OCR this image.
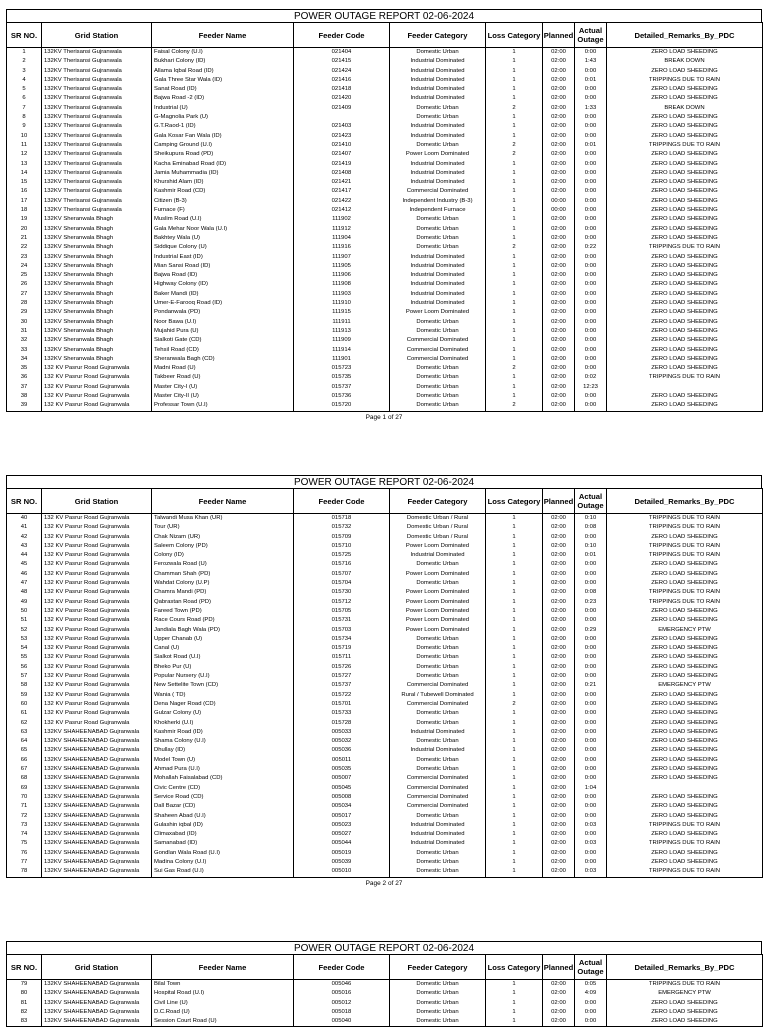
POWER OUTAGE REPORT 02-06-2024
SR NO.	Grid Station	Feeder Name	Feeder Code	Feeder Category	Loss Category	Planned	Actual Outage	Detailed_Remarks_By_PDC
1	132KV Therisansi Gujranwala	Faisal Colony (U.I)	021404	Domestic Urban	1	02:00	0:00	ZERO LOAD SHEEDING
2	132KV Therisansi Gujranwala	Bukhari Colony (ID)	021415	Industrial Dominated	1	02:00	1:43	BREAK DOWN
3	132KV Therisansi Gujranwala	Allama Iqbal Road (ID)	021424	Industrial Dominated	1	02:00	0:00	ZERO LOAD SHEEDING
4	132KV Therisansi Gujranwala	Gala Three Star Wala (ID)	021416	Industrial Dominated	1	02:00	0:01	TRIPPINGS DUE TO RAIN
5	132KV Therisansi Gujranwala	Sanat Road (ID)	021418	Industrial Dominated	1	02:00	0:00	ZERO LOAD SHEEDING
6	132KV Therisansi Gujranwala	Bajwa Road -2 (ID)	021420	Industrial Dominated	1	02:00	0:00	ZERO LOAD SHEEDING
7	132KV Therisansi Gujranwala	Industrial (U)	021409	Domestic Urban	2	02:00	1:33	BREAK DOWN
8	132KV Therisansi Gujranwala	G-Magnolia Park (U)		Domestic Urban	1	02:00	0:00	ZERO LOAD SHEEDING
9	132KV Therisansi Gujranwala	G.T.Raod-1 (ID)	021403	Industrial Dominated	1	02:00	0:00	ZERO LOAD SHEEDING
10	132KV Therisansi Gujranwala	Gala Kosar Fan Wala (ID)	021423	Industrial Dominated	1	02:00	0:00	ZERO LOAD SHEEDING
11	132KV Therisansi Gujranwala	Camping Ground (U.I)	021410	Domestic Urban	2	02:00	0:01	TRIPPINGS DUE TO RAIN
12	132KV Therisansi Gujranwala	Sheikupura Road (PD)	021407	Power Loom Dominated	2	02:00	0:00	ZERO LOAD SHEEDING
13	132KV Therisansi Gujranwala	Kacha Eminabad Road (ID)	021419	Industrial Dominated	1	02:00	0:00	ZERO LOAD SHEEDING
14	132KV Therisansi Gujranwala	Jamia Muhammadia (ID)	021408	Industrial Dominated	1	02:00	0:00	ZERO LOAD SHEEDING
15	132KV Therisansi Gujranwala	Khurshid Alam (ID)	021421	Industrial Dominated	1	02:00	0:00	ZERO LOAD SHEEDING
16	132KV Therisansi Gujranwala	Kashmir Road (CD)	021417	Commercial Dominated	1	02:00	0:00	ZERO LOAD SHEEDING
17	132KV Therisansi Gujranwala	Citizen (B-3)	021422	Independent Industry (B-3)	1	00:00	0:00	ZERO LOAD SHEEDING
18	132KV Therisansi Gujranwala	Furnace (F)	021412	Independent Furnace	1	00:00	0:00	ZERO LOAD SHEEDING
19	132KV Sheranwala Bhagh	Muslim Road (U.I)	111902	Domestic Urban	1	02:00	0:00	ZERO LOAD SHEEDING
20	132KV Sheranwala Bhagh	Gala Mehar Noor Wala (U.I)	111912	Domestic Urban	1	02:00	0:00	ZERO LOAD SHEEDING
21	132KV Sheranwala Bhagh	Bakhtey Wala (U)	111904	Domestic Urban	1	02:00	0:00	ZERO LOAD SHEEDING
22	132KV Sheranwala Bhagh	Siddique Colony (U)	111916	Domestic Urban	2	02:00	0:22	TRIPPINGS DUE TO RAIN
23	132KV Sheranwala Bhagh	Industrial East (ID)	111907	Industrial Dominated	1	02:00	0:00	ZERO LOAD SHEEDING
24	132KV Sheranwala Bhagh	Mian Sansi Road (ID)	111905	Industrial Dominated	1	02:00	0:00	ZERO LOAD SHEEDING
25	132KV Sheranwala Bhagh	Bajwa Road (ID)	111906	Industrial Dominated	1	02:00	0:00	ZERO LOAD SHEEDING
26	132KV Sheranwala Bhagh	Highway Colony (ID)	111908	Industrial Dominated	1	02:00	0:00	ZERO LOAD SHEEDING
27	132KV Sheranwala Bhagh	Baker Mandi (ID)	111903	Industrial Dominated	1	02:00	0:00	ZERO LOAD SHEEDING
28	132KV Sheranwala Bhagh	Umer-E-Farooq Road (ID)	111910	Industrial Dominated	1	02:00	0:00	ZERO LOAD SHEEDING
29	132KV Sheranwala Bhagh	Pondanwala (PD)	111915	Power Loom Dominated	1	02:00	0:00	ZERO LOAD SHEEDING
30	132KV Sheranwala Bhagh	Noor Bawa (U.I)	111911	Domestic Urban	1	02:00	0:00	ZERO LOAD SHEEDING
31	132KV Sheranwala Bhagh	Mujahid Pura (U)	111913	Domestic Urban	1	02:00	0:00	ZERO LOAD SHEEDING
32	132KV Sheranwala Bhagh	Sialkoti Gate (CD)	111909	Commercial Dominated	1	02:00	0:00	ZERO LOAD SHEEDING
33	132KV Sheranwala Bhagh	Tehsil Road (CD)	111914	Commercial Dominated	1	02:00	0:00	ZERO LOAD SHEEDING
34	132KV Sheranwala Bhagh	Sheranwala Bagh (CD)	111901	Commercial Dominated	1	02:00	0:00	ZERO LOAD SHEEDING
35	132 KV Pasrur Road Gujranwala	Madni Road (U)	015723	Domestic Urban	2	02:00	0:00	ZERO LOAD SHEEDING
36	132 KV Pasrur Road Gujranwala	Takbeer Road (U)	015735	Domestic Urban	1	02:00	0:02	TRIPPINGS DUE TO RAIN
37	132 KV Pasrur Road Gujranwala	Master City-I (U)	015737	Domestic Urban	1	02:00	12:23	
38	132 KV Pasrur Road Gujranwala	Master City-II (U)	015736	Domestic Urban	1	02:00	0:00	ZERO LOAD SHEEDING
39	132 KV Pasrur Road Gujranwala	Professar Town (U.I)	015720	Domestic Urban	2	02:00	0:00	ZERO LOAD SHEEDING
Page 1 of 27
POWER OUTAGE REPORT 02-06-2024
SR NO.	Grid Station	Feeder Name	Feeder Code	Feeder Category	Loss Category	Planned	Actual Outage	Detailed_Remarks_By_PDC
40	132 KV Pasrur Road Gujranwala	Talwandi Musa Khan (UR)	015718	Domestic Urban / Rural	1	02:00	0:10	TRIPPINGS DUE TO RAIN
41	132 KV Pasrur Road Gujranwala	Tour (UR)	015732	Domestic Urban / Rural	1	02:00	0:08	TRIPPINGS DUE TO RAIN
42	132 KV Pasrur Road Gujranwala	Chak Nizam (UR)	015709	Domestic Urban / Rural	1	02:00	0:00	ZERO LOAD SHEEDING
43	132 KV Pasrur Road Gujranwala	Saleem Colony (PD)	015710	Power Loom Dominated	1	02:00	0:10	TRIPPINGS DUE TO RAIN
44	132 KV Pasrur Road Gujranwala	Colony (ID)	015725	Industrial Dominated	1	02:00	0:01	TRIPPINGS DUE TO RAIN
45	132 KV Pasrur Road Gujranwala	Ferozwala Road (U)	015716	Domestic Urban	1	02:00	0:00	ZERO LOAD SHEEDING
46	132 KV Pasrur Road Gujranwala	Chamman Shah (PD)	015707	Power Loom Dominated	1	02:00	0:00	ZERO LOAD SHEEDING
47	132 KV Pasrur Road Gujranwala	Wahdat Colony (U.P)	015704	Domestic Urban	1	02:00	0:00	ZERO LOAD SHEEDING
48	132 KV Pasrur Road Gujranwala	Chamra Mandi (PD)	015730	Power Loom Dominated	1	02:00	0:08	TRIPPINGS DUE TO RAIN
49	132 KV Pasrur Road Gujranwala	Qabrastan Road (PD)	015712	Power Loom Dominated	1	02:00	0:23	TRIPPINGS DUE TO RAIN
50	132 KV Pasrur Road Gujranwala	Fareed Town (PD)	015705	Power Loom Dominated	1	02:00	0:00	ZERO LOAD SHEEDING
51	132 KV Pasrur Road Gujranwala	Race Cours Road (PD)	015731	Power Loom Dominated	1	02:00	0:00	ZERO LOAD SHEEDING
52	132 KV Pasrur Road Gujranwala	Jandiala Bagh Wala (PD)	015703	Power Loom Dominated	1	02:00	0:29	EMERGENCY PTW
53	132 KV Pasrur Road Gujranwala	Upper Chanab (U)	015734	Domestic Urban	1	02:00	0:00	ZERO LOAD SHEEDING
54	132 KV Pasrur Road Gujranwala	Canal (U)	015719	Domestic Urban	1	02:00	0:00	ZERO LOAD SHEEDING
55	132 KV Pasrur Road Gujranwala	Sialkot Road (U.I)	015711	Domestic Urban	1	02:00	0:00	ZERO LOAD SHEEDING
56	132 KV Pasrur Road Gujranwala	Bheko Pur (U)	015726	Domestic Urban	1	02:00	0:00	ZERO LOAD SHEEDING
57	132 KV Pasrur Road Gujranwala	Popular Nursery (U.I)	015727	Domestic Urban	1	02:00	0:00	ZERO LOAD SHEEDING
58	132 KV Pasrur Road Gujranwala	New Settelite Town (CD)	015737	Commercial Dominated	1	02:00	0:21	EMERGENCY PTW
59	132 KV Pasrur Road Gujranwala	Wania ( TD)	015722	Rural / Tubewell Dominated	1	02:00	0:00	ZERO LOAD SHEEDING
60	132 KV Pasrur Road Gujranwala	Dena Nager Road (CD)	015701	Commercial Dominated	2	02:00	0:00	ZERO LOAD SHEEDING
61	132 KV Pasrur Road Gujranwala	Gulzar Colony (U)	015733	Domestic Urban	1	02:00	0:00	ZERO LOAD SHEEDING
62	132 KV Pasrur Road Gujranwala	Khokherki (U.I)	015728	Domestic Urban	1	02:00	0:00	ZERO LOAD SHEEDING
63	132KV SHAHEENABAD Gujranwala	Kashmir Road (ID)	005033	Industrial Dominated	1	02:00	0:00	ZERO LOAD SHEEDING
64	132KV SHAHEENABAD Gujranwala	Shama Colony (U.I)	005032	Domestic Urban	1	02:00	0:00	ZERO LOAD SHEEDING
65	132KV SHAHEENABAD Gujranwala	Dhullay (ID)	005036	Industrial Dominated	1	02:00	0:00	ZERO LOAD SHEEDING
66	132KV SHAHEENABAD Gujranwala	Model Town (U)	005011	Domestic Urban	1	02:00	0:00	ZERO LOAD SHEEDING
67	132KV SHAHEENABAD Gujranwala	Ahmad Pura (U.I)	005035	Domestic Urban	1	02:00	0:00	ZERO LOAD SHEEDING
68	132KV SHAHEENABAD Gujranwala	Mohallah Faisalabad (CD)	005007	Commercial Dominated	1	02:00	0:00	ZERO LOAD SHEEDING
69	132KV SHAHEENABAD Gujranwala	Civic Centre (CD)	005045	Commercial Dominated	1	02:00	1:04	
70	132KV SHAHEENABAD Gujranwala	Service Road (CD)	005008	Commercial Dominated	1	02:00	0:00	ZERO LOAD SHEEDING
71	132KV SHAHEENABAD Gujranwala	Dall Bazar (CD)	005034	Commercial Dominated	1	02:00	0:00	ZERO LOAD SHEEDING
72	132KV SHAHEENABAD Gujranwala	Shaheen Abad (U.I)	005017	Domestic Urban	1	02:00	0:00	ZERO LOAD SHEEDING
73	132KV SHAHEENABAD Gujranwala	Gulashin iqbal (ID)	005023	Industrial Dominated	1	02:00	0:03	TRIPPINGS DUE TO RAIN
74	132KV SHAHEENABAD Gujranwala	Climaxabad (ID)	005027	Industrial Dominated	1	02:00	0:00	ZERO LOAD SHEEDING
75	132KV SHAHEENABAD Gujranwala	Samanabad (ID)	005044	Industrial Dominated	1	02:00	0:03	TRIPPINGS DUE TO RAIN
76	132KV SHAHEENABAD Gujranwala	Gondlan Wala Road (U.I)	005019	Domestic Urban	1	02:00	0:00	ZERO LOAD SHEEDING
77	132KV SHAHEENABAD Gujranwala	Madina Colony (U.I)	005039	Domestic Urban	1	02:00	0:00	ZERO LOAD SHEEDING
78	132KV SHAHEENABAD Gujranwala	Sui Gas Road (U.I)	005010	Domestic Urban	1	02:00	0:03	TRIPPINGS DUE TO RAIN
Page 2 of 27
POWER OUTAGE REPORT 02-06-2024
SR NO.	Grid Station	Feeder Name	Feeder Code	Feeder Category	Loss Category	Planned	Actual Outage	Detailed_Remarks_By_PDC
79	132KV SHAHEENABAD Gujranwala	Bilal Town	005046	Domestic Urban	1	02:00	0:05	TRIPPINGS DUE TO RAIN
80	132KV SHAHEENABAD Gujranwala	Hospital Road (U.I)	005016	Domestic Urban	1	02:00	4:09	EMERGENCY PTW
81	132KV SHAHEENABAD Gujranwala	Civil Line (U)	005012	Domestic Urban	1	02:00	0:00	ZERO LOAD SHEEDING
82	132KV SHAHEENABAD Gujranwala	D.C.Road (U)	005018	Domestic Urban	1	02:00	0:00	ZERO LOAD SHEEDING
83	132KV SHAHEENABAD Gujranwala	Session Court Road (U)	005040	Domestic Urban	1	02:00	0:00	ZERO LOAD SHEEDING
